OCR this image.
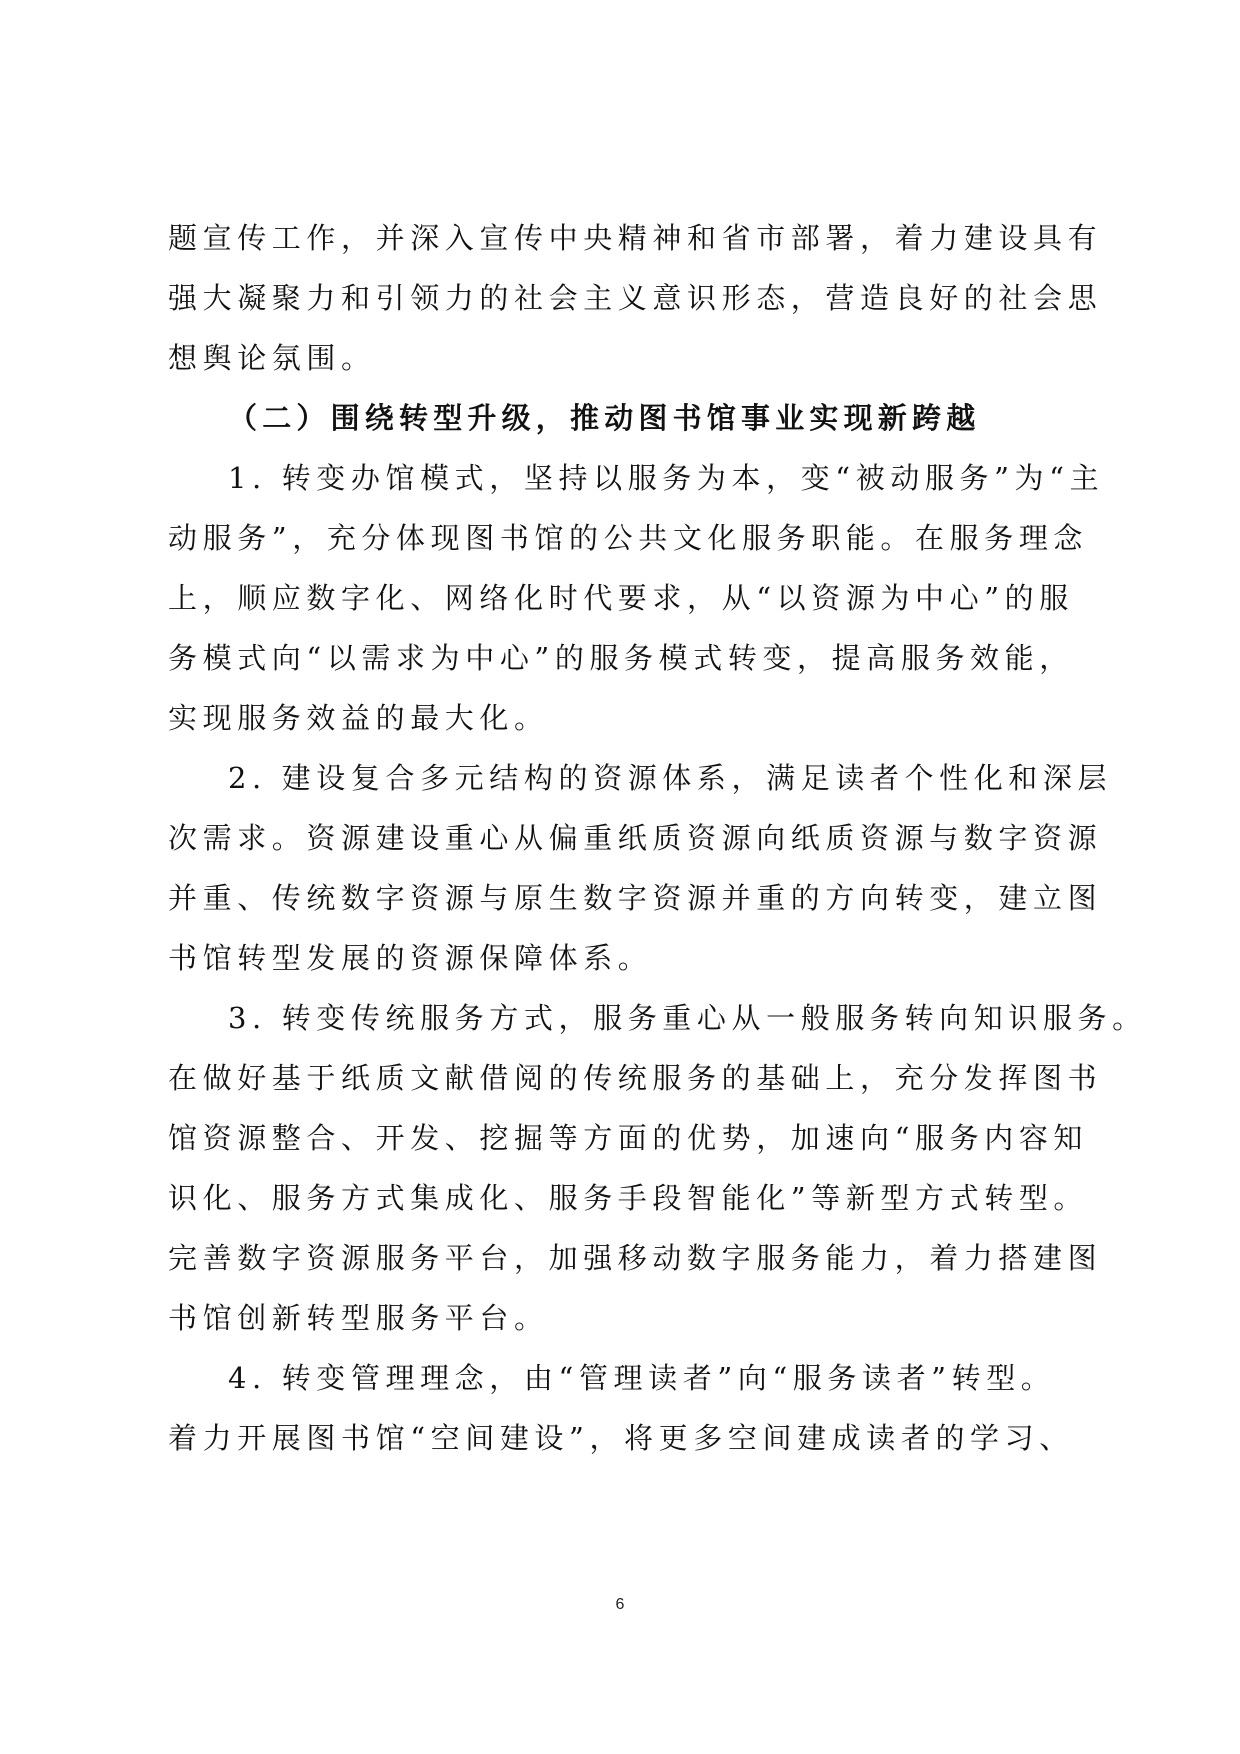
题宣传工作，并深入宣传中央精神和省市部署，着力建设具有
强大凝聚力和引领力的社会主义意识形态，营造良好的社会思
想舆论氛围。
（二）围绕转型升级，推动图书馆事业实现新跨越
1. 转变办馆模式，坚持以服务为本，变“被动服务”为“主
动服务”，充分体现图书馆的公共文化服务职能。在服务理念
上，顺应数字化、网络化时代要求，从“以资源为中心”的服
务模式向“以需求为中心”的服务模式转变，提高服务效能，
实现服务效益的最大化。
2. 建设复合多元结构的资源体系，满足读者个性化和深层
次需求。资源建设重心从偏重纸质资源向纸质资源与数字资源
并重、传统数字资源与原生数字资源并重的方向转变，建立图
书馆转型发展的资源保障体系。
3. 转变传统服务方式，服务重心从一般服务转向知识服务。
在做好基于纸质文献借阅的传统服务的基础上，充分发挥图书
馆资源整合、开发、挖掘等方面的优势，加速向“服务内容知
识化、服务方式集成化、服务手段智能化”等新型方式转型。
完善数字资源服务平台，加强移动数字服务能力，着力搭建图
书馆创新转型服务平台。
4. 转变管理理念，由“管理读者”向“服务读者”转型。
着力开展图书馆“空间建设”，将更多空间建成读者的学习、
6
